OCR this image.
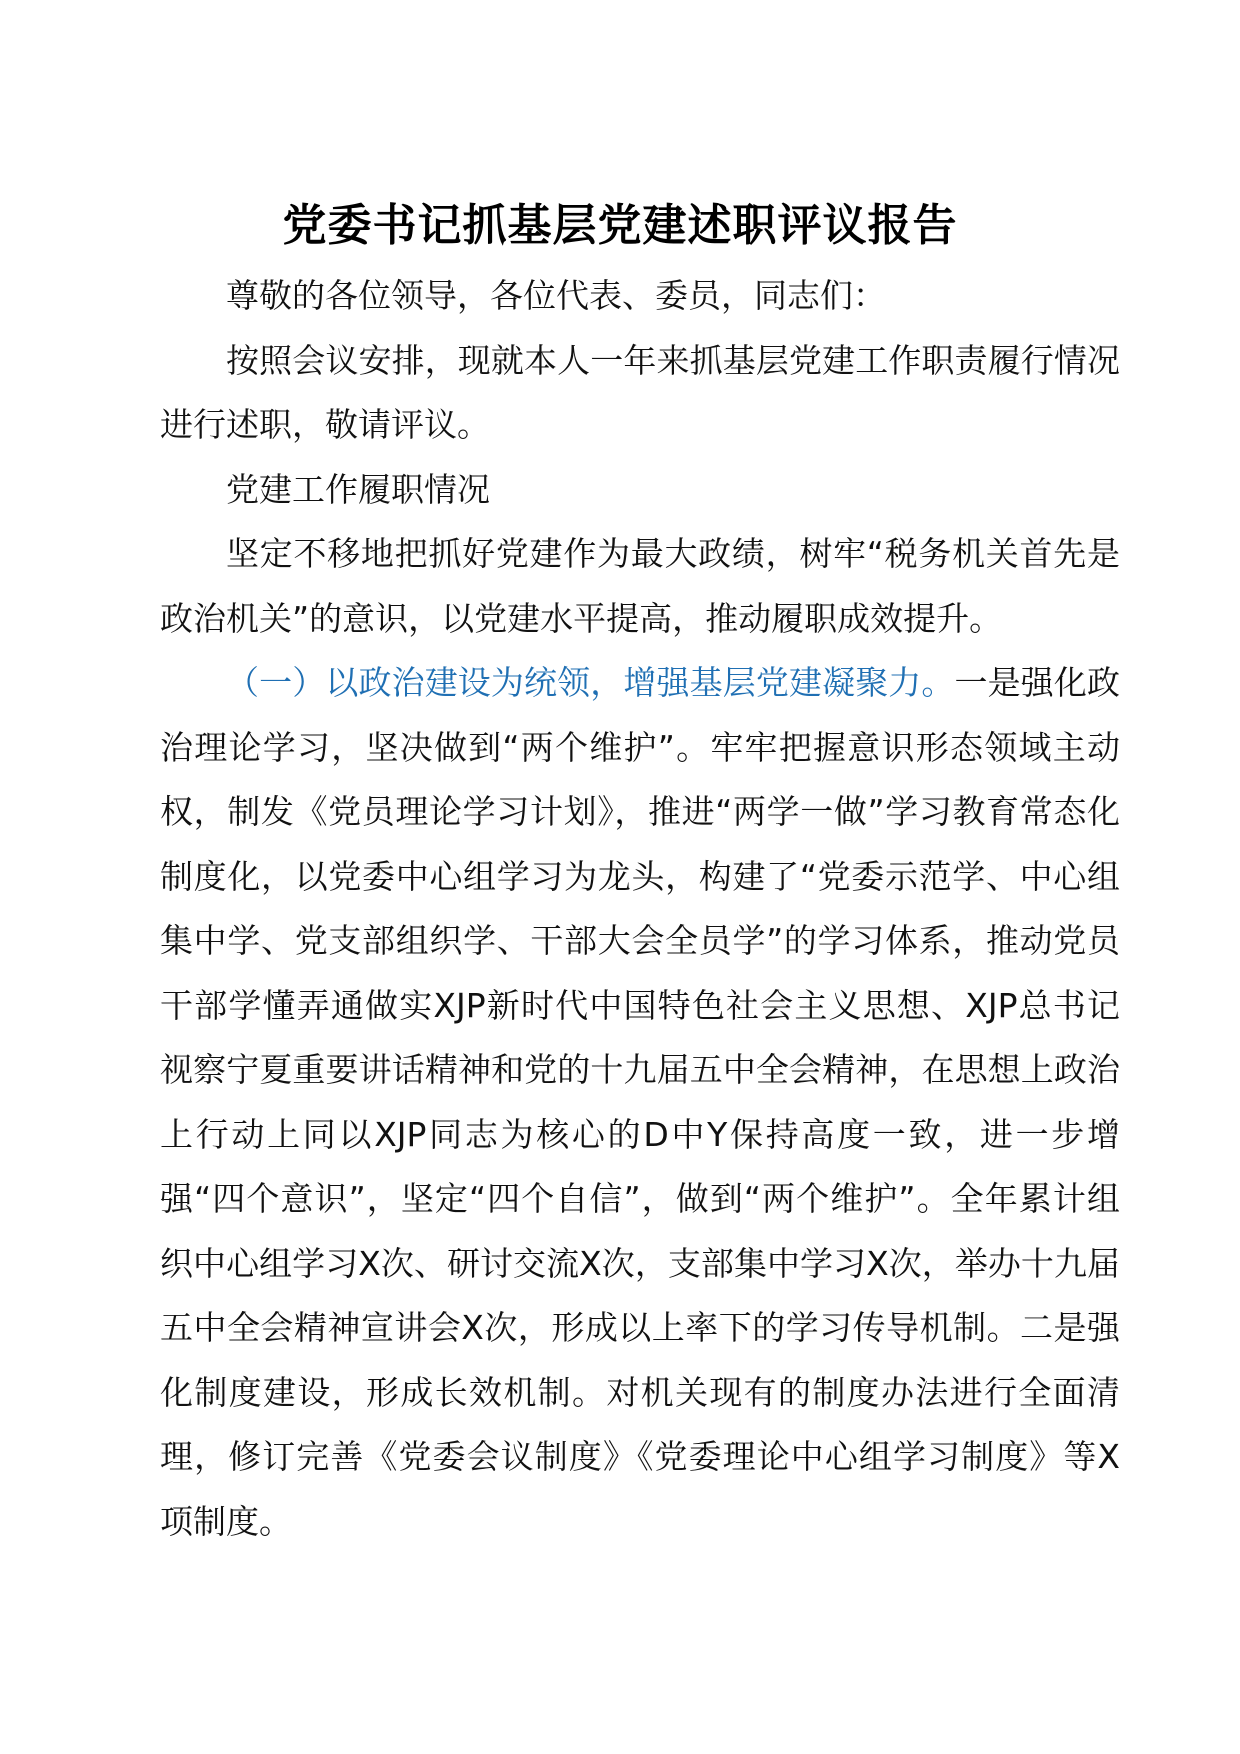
党委书记抓基层党建述职评议报告

尊敬的各位领导，各位代表、委员，同志们：

按照会议安排，现就本人一年来抓基层党建工作职责履行情况进行述职，敬请评议。

党建工作履职情况

坚定不移地把抓好党建作为最大政绩，树牢“税务机关首先是政治机关”的意识，以党建水平提高，推动履职成效提升。

（一）以政治建设为统领，增强基层党建凝聚力。一是强化政治理论学习，坚决做到“两个维护”。牢牢把握意识形态领域主动权，制发《党员理论学习计划》，推进“两学一做”学习教育常态化制度化，以党委中心组学习为龙头，构建了“党委示范学、中心组集中学、党支部组织学、干部大会全员学”的学习体系，推动党员干部学懂弄通做实XJP新时代中国特色社会主义思想、XJP总书记视察宁夏重要讲话精神和党的十九届五中全会精神，在思想上政治上行动上同以XJP同志为核心的D中Y保持高度一致，进一步增强“四个意识”，坚定“四个自信”，做到“两个维护”。全年累计组织中心组学习X次、研讨交流X次，支部集中学习X次，举办十九届五中全会精神宣讲会X次，形成以上率下的学习传导机制。二是强化制度建设，形成长效机制。对机关现有的制度办法进行全面清理，修订完善《党委会议制度》《党委理论中心组学习制度》等X项制度。
